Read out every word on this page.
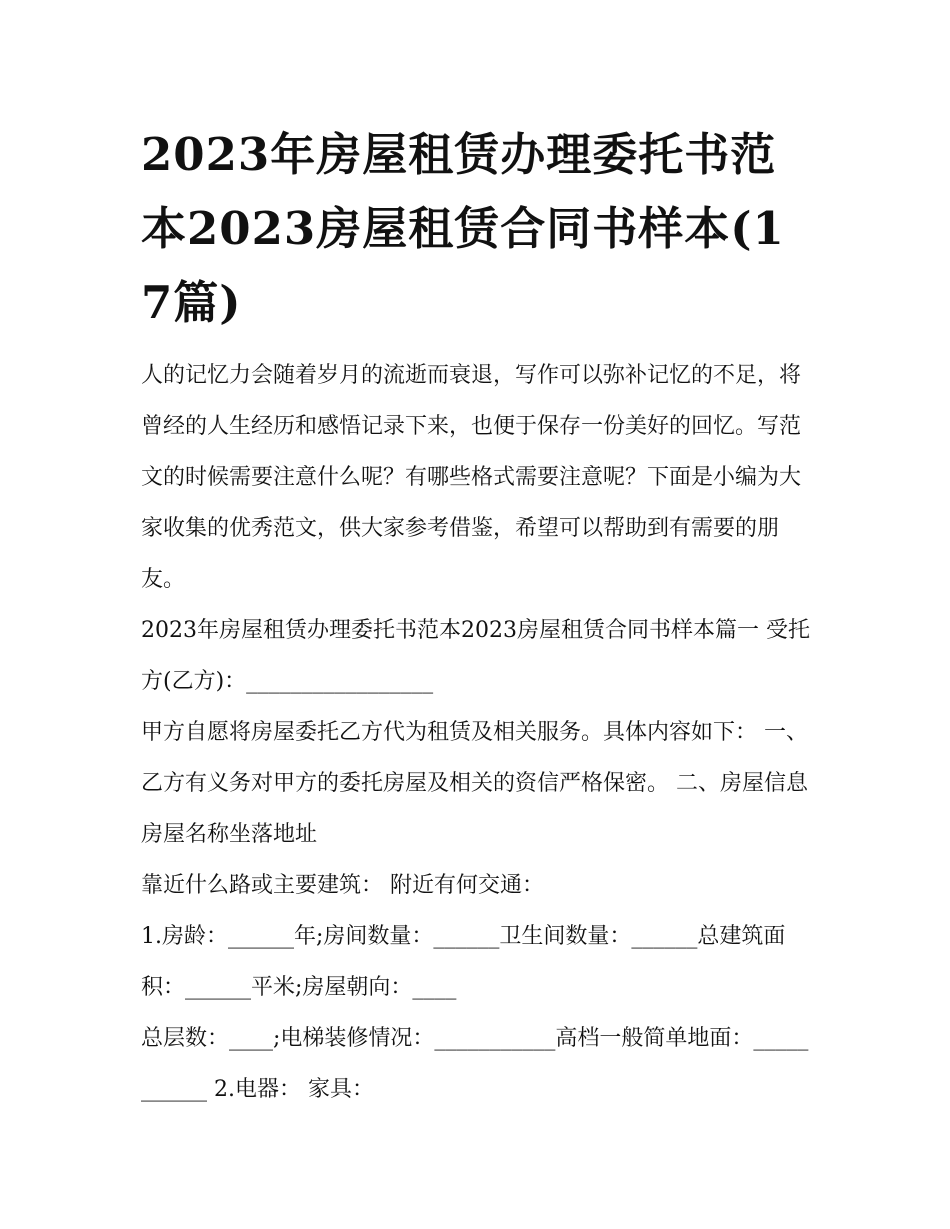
2023年房屋租赁办理委托书范本2023房屋租赁合同书样本(17篇)

人的记忆力会随着岁月的流逝而衰退，写作可以弥补记忆的不足，将曾经的人生经历和感悟记录下来，也便于保存一份美好的回忆。写范文的时候需要注意什么呢？有哪些格式需要注意呢？下面是小编为大家收集的优秀范文，供大家参考借鉴，希望可以帮助到有需要的朋友。

2023年房屋租赁办理委托书范本2023房屋租赁合同书样本篇一 受托方(乙方)：_________________

甲方自愿将房屋委托乙方代为租赁及相关服务。具体内容如下： 一、乙方有义务对甲方的委托房屋及相关的资信严格保密。 二、房屋信息房屋名称坐落地址

靠近什么路或主要建筑： 附近有何交通：

1.房龄：______年;房间数量：______卫生间数量：______总建筑面积：______平米;房屋朝向：____

总层数：____;电梯装修情况：___________高档一般简单地面：___________ 2.电器： 家具：
